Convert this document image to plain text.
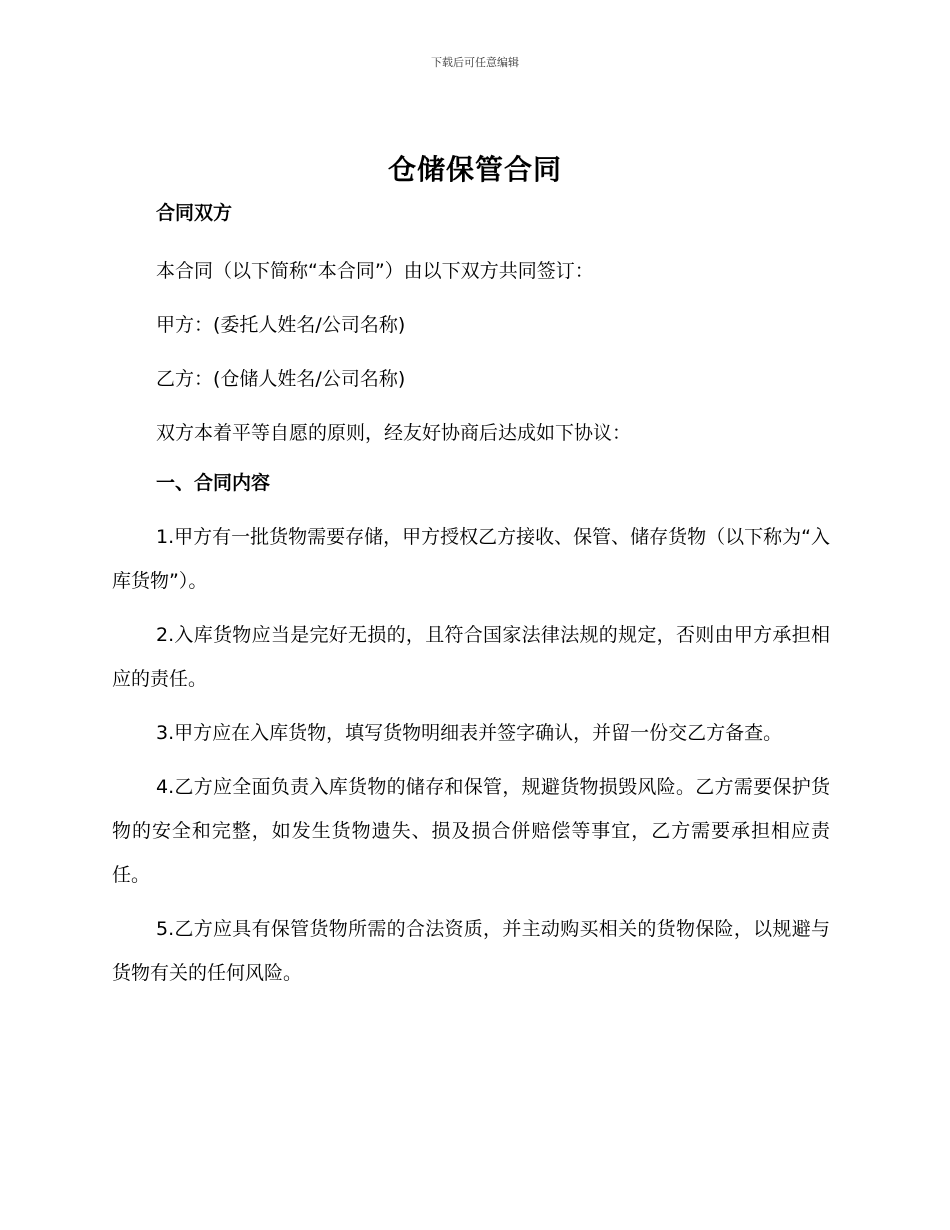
下载后可任意编辑
仓储保管合同
合同双方
本合同（以下简称“本合同”）由以下双方共同签订：
甲方：(委托人姓名/公司名称)
乙方：(仓储人姓名/公司名称)
双方本着平等自愿的原则，经友好协商后达成如下协议：
一、合同内容
1.甲方有一批货物需要存储，甲方授权乙方接收、保管、储存货物（以下称为“入库货物”）。
2.入库货物应当是完好无损的，且符合国家法律法规的规定，否则由甲方承担相应的责任。
3.甲方应在入库货物，填写货物明细表并签字确认，并留一份交乙方备查。
4.乙方应全面负责入库货物的储存和保管，规避货物损毁风险。乙方需要保护货物的安全和完整，如发生货物遗失、损及损合併赔偿等事宜，乙方需要承担相应责任。
5.乙方应具有保管货物所需的合法资质，并主动购买相关的货物保险，以规避与货物有关的任何风险。
